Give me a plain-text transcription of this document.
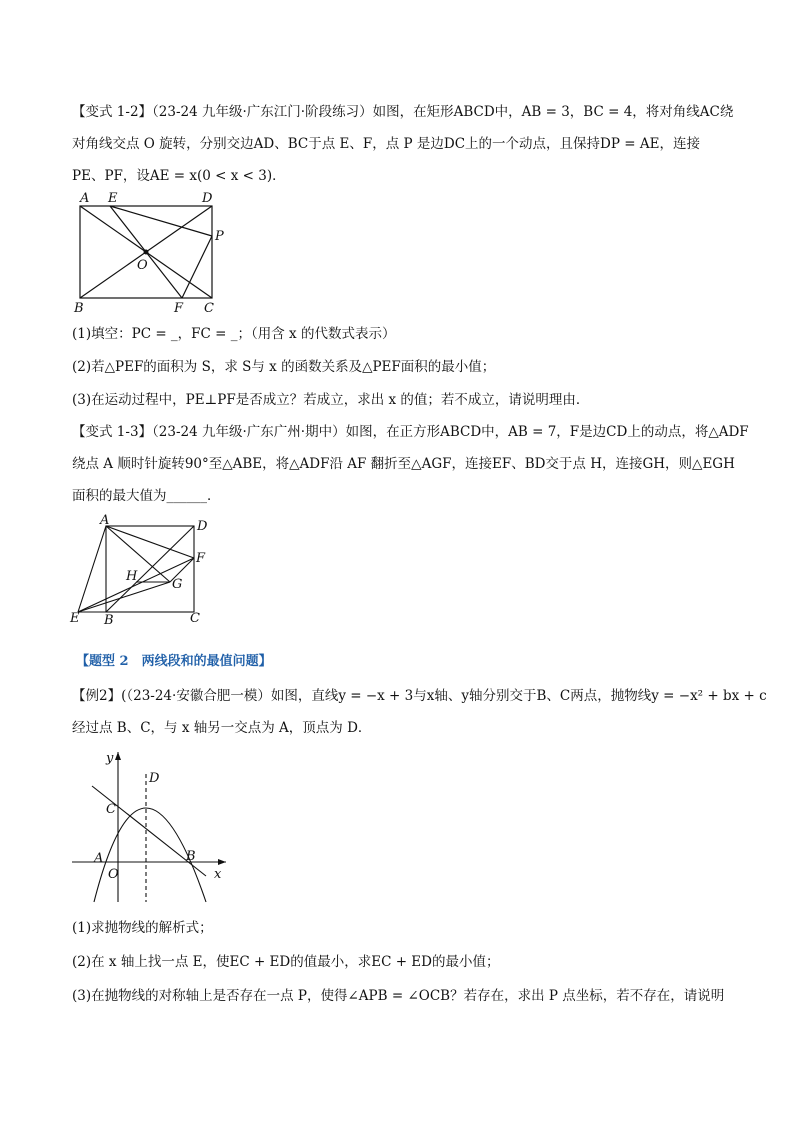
【变式 1-2】（23-24 九年级·广东江门·阶段练习）如图，在矩形ABCD中，AB = 3，BC = 4，将对角线AC绕
对角线交点 O 旋转，分别交边AD、BC于点 E、F，点 P 是边DC上的一个动点，且保持DP = AE，连接
PE、PF，设AE = x(0 < x < 3)．
A E	D
P
O
B	F C
(1)填空：PC = _，FC = _；（用含 x 的代数式表示）
(2)若△PEF的面积为 S，求 S与 x 的函数关系及△PEF面积的最小值；
(3)在运动过程中，PE⊥PF是否成立？若成立，求出 x 的值；若不成立，请说明理由．
【变式 1-3】（23-24 九年级·广东广州·期中）如图，在正方形ABCD中，AB = 7，F是边CD上的动点，将△ADF
绕点 A 顺时针旋转90°至△ABE，将△ADF沿 AF 翻折至△AGF，连接EF、BD交于点 H，连接GH，则△EGH
面积的最大值为______．
A	D
F
H
G
E B	C
【题型 2　两线段和的最值问题】
【例2】(（23-24·安徽合肥一模）如图，直线y = −x + 3与x轴、y轴分别交于B、C两点，抛物线y = −x² + bx + c
经过点 B、C，与 x 轴另一交点为 A，顶点为 D．
y
D
C
A
O
B
x
(1)求抛物线的解析式；
(2)在 x 轴上找一点 E，使EC + ED的值最小，求EC + ED的最小值；
(3)在抛物线的对称轴上是否存在一点 P，使得∠APB = ∠OCB？若存在，求出 P 点坐标，若不存在，请说明
